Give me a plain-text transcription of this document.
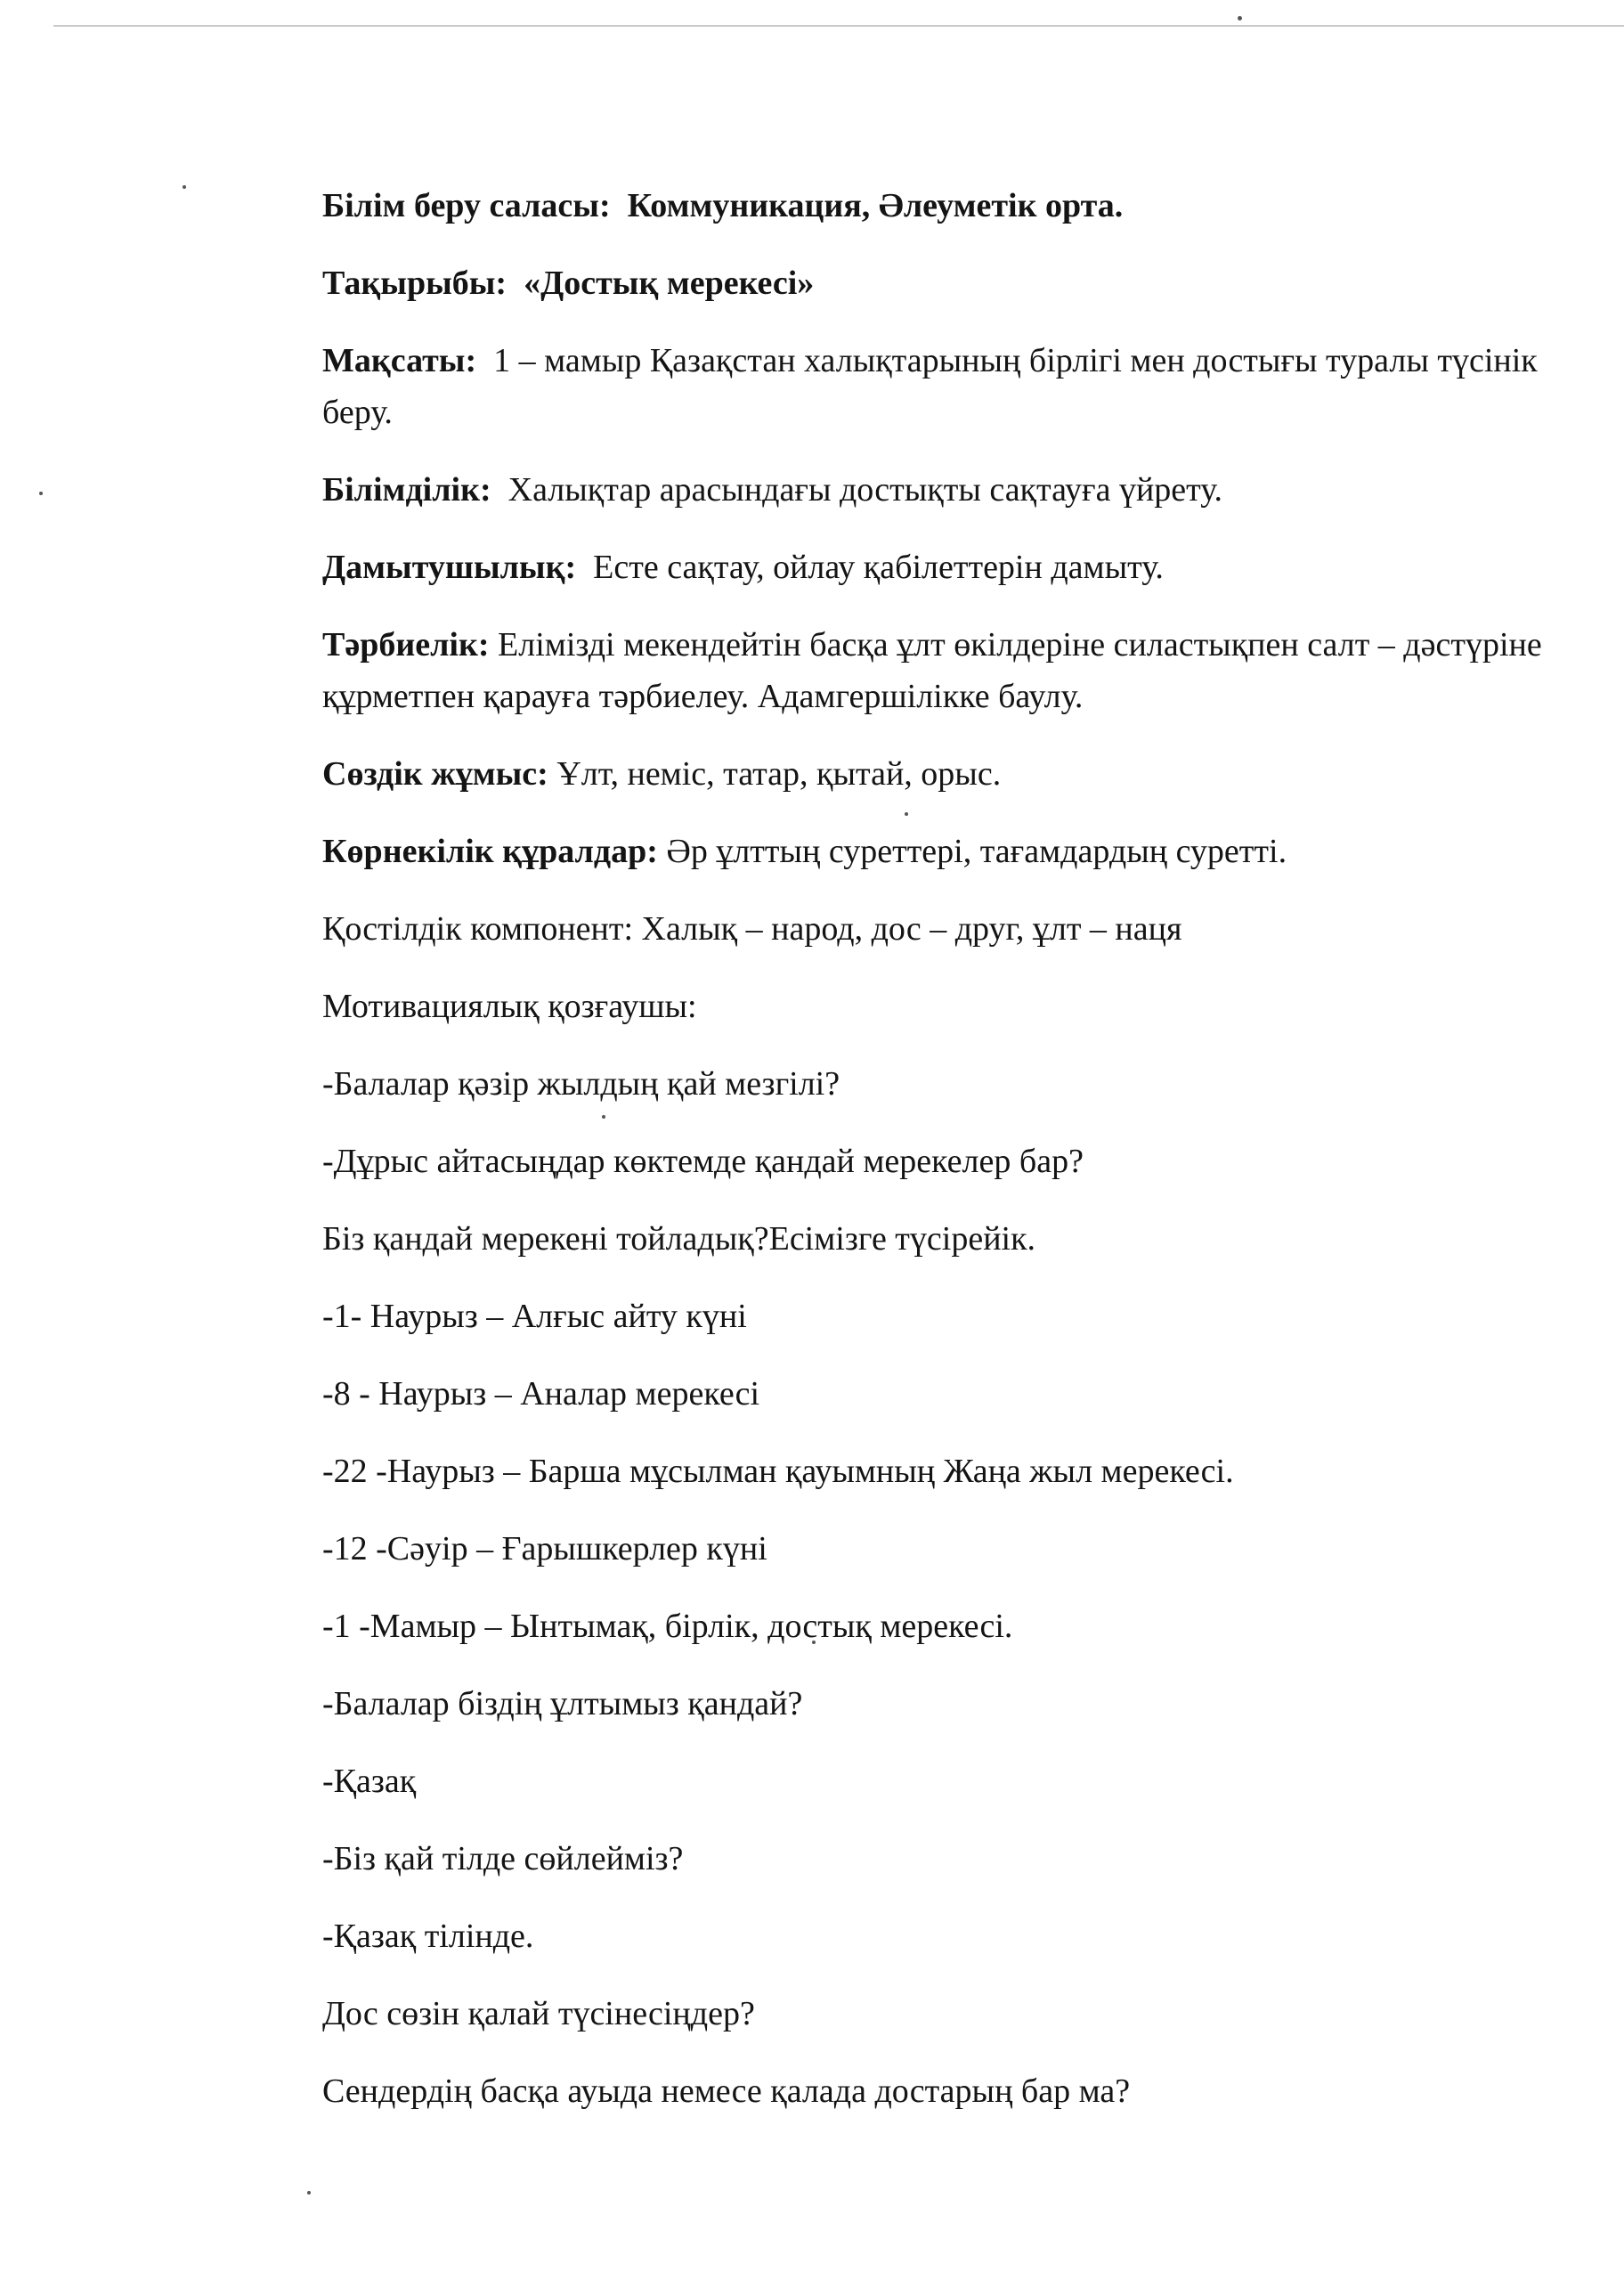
Білім беру саласы: Коммуникация, Әлеуметік орта.

Тақырыбы: «Достық мерекесі»

Мақсаты: 1 – мамыр Қазақстан халықтарының бірлігі мен достығы туралы түсінік беру.

Білімділік: Халықтар арасындағы достықты сақтауға үйрету.

Дамытушылық: Есте сақтау, ойлау қабілеттерін дамыту.

Тәрбиелік: Елімізді мекендейтін басқа ұлт өкілдеріне силастықпен салт – дәстүріне құрметпен қарауға тәрбиелеу. Адамгершілікке баулу.

Сөздік жұмыс: Ұлт, неміс, татар, қытай, орыс.

Көрнекілік құралдар: Әр ұлттың суреттері, тағамдардың суретті.

Қостілдік компонент: Халық – народ, дос – друг, ұлт – наця

Мотивациялық қозғаушы:

-Балалар қәзір жылдың қай мезгілі?

-Дұрыс айтасыңдар көктемде қандай мерекелер бар?

Біз қандай мерекені тойладық?Есімізге түсірейік.

-1- Наурыз – Алғыс айту күні

-8 - Наурыз – Аналар мерекесі

-22 -Наурыз – Барша мұсылман қауымның Жаңа жыл мерекесі.

-12 -Сәуір – Ғарышкерлер күні

-1 -Мамыр – Ынтымақ, бірлік, достық мерекесі.

-Балалар біздің ұлтымыз қандай?

-Қазақ

-Біз қай тілде сөйлейміз?

-Қазақ тілінде.

Дос сөзін қалай түсінесіңдер?

Сендердің басқа ауыда немесе қалада достарың бар ма?
